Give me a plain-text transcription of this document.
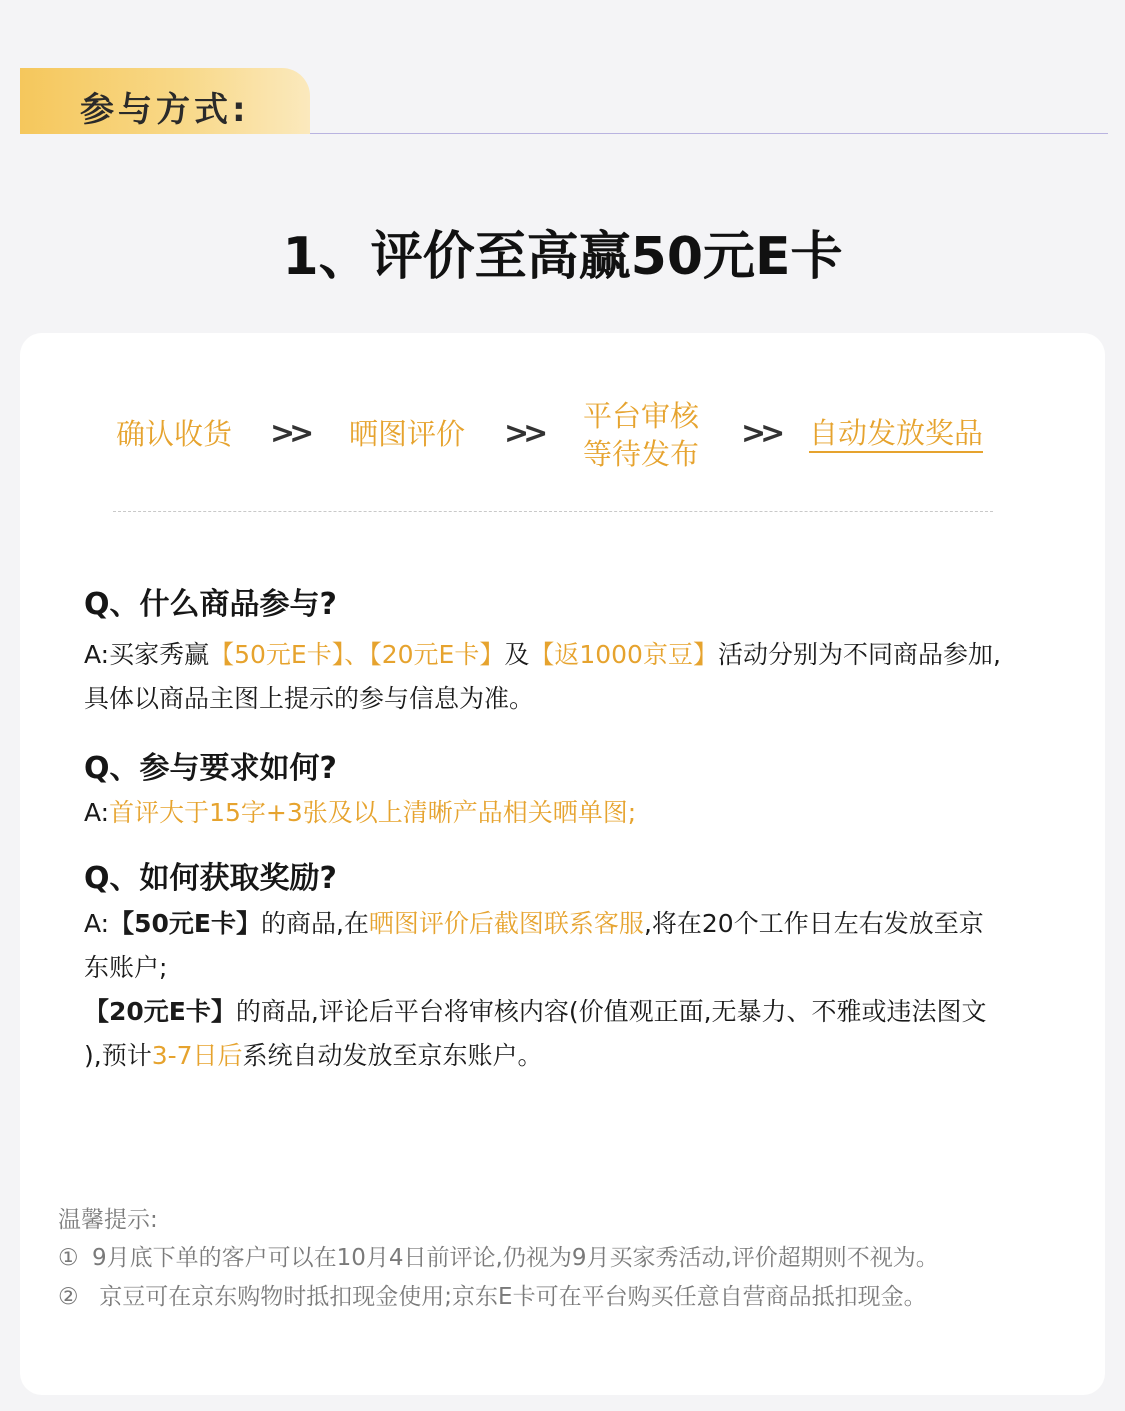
参与方式:
1、评价至高赢50元E卡
确认收货 >> 晒图评价 >> 平台审核
等待发布
>> 自动发放奖品
Q、什么商品参与?
A:买家秀赢【50元E卡】、【20元E卡】及【返1000京豆】活动分别为不同商品参加,
具体以商品主图上提示的参与信息为准。
Q、参与要求如何?
A:首评大于15字+3张及以上清晰产品相关晒单图;
Q、如何获取奖励?
A:【50元E卡】的商品,在晒图评价后截图联系客服,将在20个工作日左右发放至京
东账户;
【20元E卡】的商品,评论后平台将审核内容(价值观正面,无暴力、不雅或违法图文
),预计3-7日后系统自动发放至京东账户。
温馨提示:
① 9月底下单的客户可以在10月4日前评论,仍视为9月买家秀活动,评价超期则不视为。
② 京豆可在京东购物时抵扣现金使用;京东E卡可在平台购买任意自营商品抵扣现金。
